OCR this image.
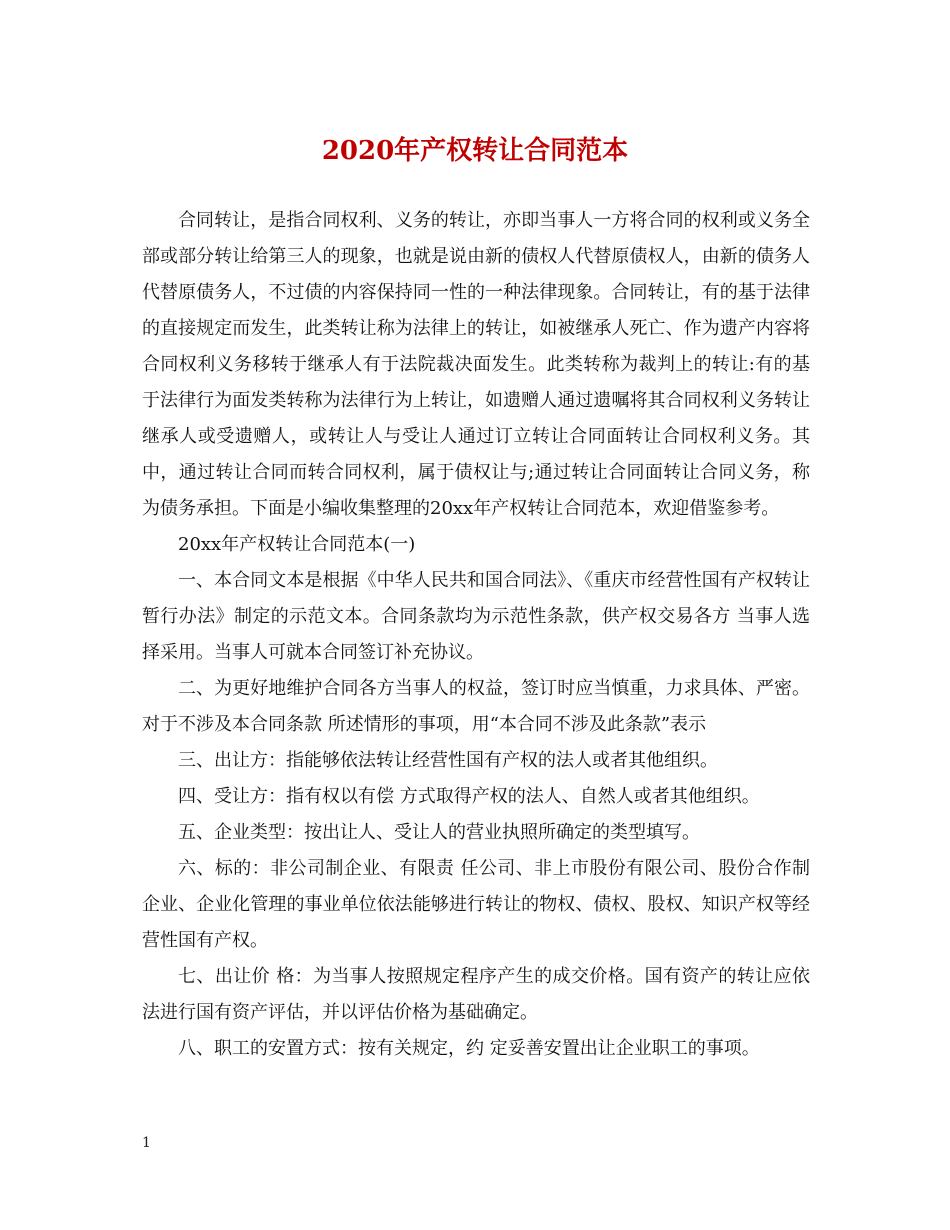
2020年产权转让合同范本

合同转让，是指合同权利、义务的转让，亦即当事人一方将合同的权利或义务全部或部分转让给第三人的现象，也就是说由新的债权人代替原债权人，由新的债务人代替原债务人，不过债的内容保持同一性的一种法律现象。合同转让，有的基于法律的直接规定而发生，此类转让称为法律上的转让，如被继承人死亡、作为遗产内容将合同权利义务移转于继承人有于法院裁决面发生。此类转称为裁判上的转让:有的基于法律行为面发类转称为法律行为上转让，如遗赠人通过遗嘱将其合同权利义务转让继承人或受遗赠人，或转让人与受让人通过订立转让合同面转让合同权利义务。其中，通过转让合同而转合同权利，属于债权让与;通过转让合同面转让合同义务，称为债务承担。下面是小编收集整理的20xx年产权转让合同范本，欢迎借鉴参考。

20xx年产权转让合同范本(一)

一、本合同文本是根据《中华人民共和国合同法》、《重庆市经营性国有产权转让暂行办法》制定的示范文本。合同条款均为示范性条款，供产权交易各方 当事人选择采用。当事人可就本合同签订补充协议。

二、为更好地维护合同各方当事人的权益，签订时应当慎重，力求具体、严密。对于不涉及本合同条款 所述情形的事项，用“本合同不涉及此条款”表示

三、出让方：指能够依法转让经营性国有产权的法人或者其他组织。

四、受让方：指有权以有偿 方式取得产权的法人、自然人或者其他组织。

五、企业类型：按出让人、受让人的营业执照所确定的类型填写。

六、标的：非公司制企业、有限责 任公司、非上市股份有限公司、股份合作制企业、企业化管理的事业单位依法能够进行转让的物权、债权、股权、知识产权等经营性国有产权。

七、出让价 格：为当事人按照规定程序产生的成交价格。国有资产的转让应依法进行国有资产评估，并以评估价格为基础确定。

八、职工的安置方式：按有关规定，约 定妥善安置出让企业职工的事项。

1
